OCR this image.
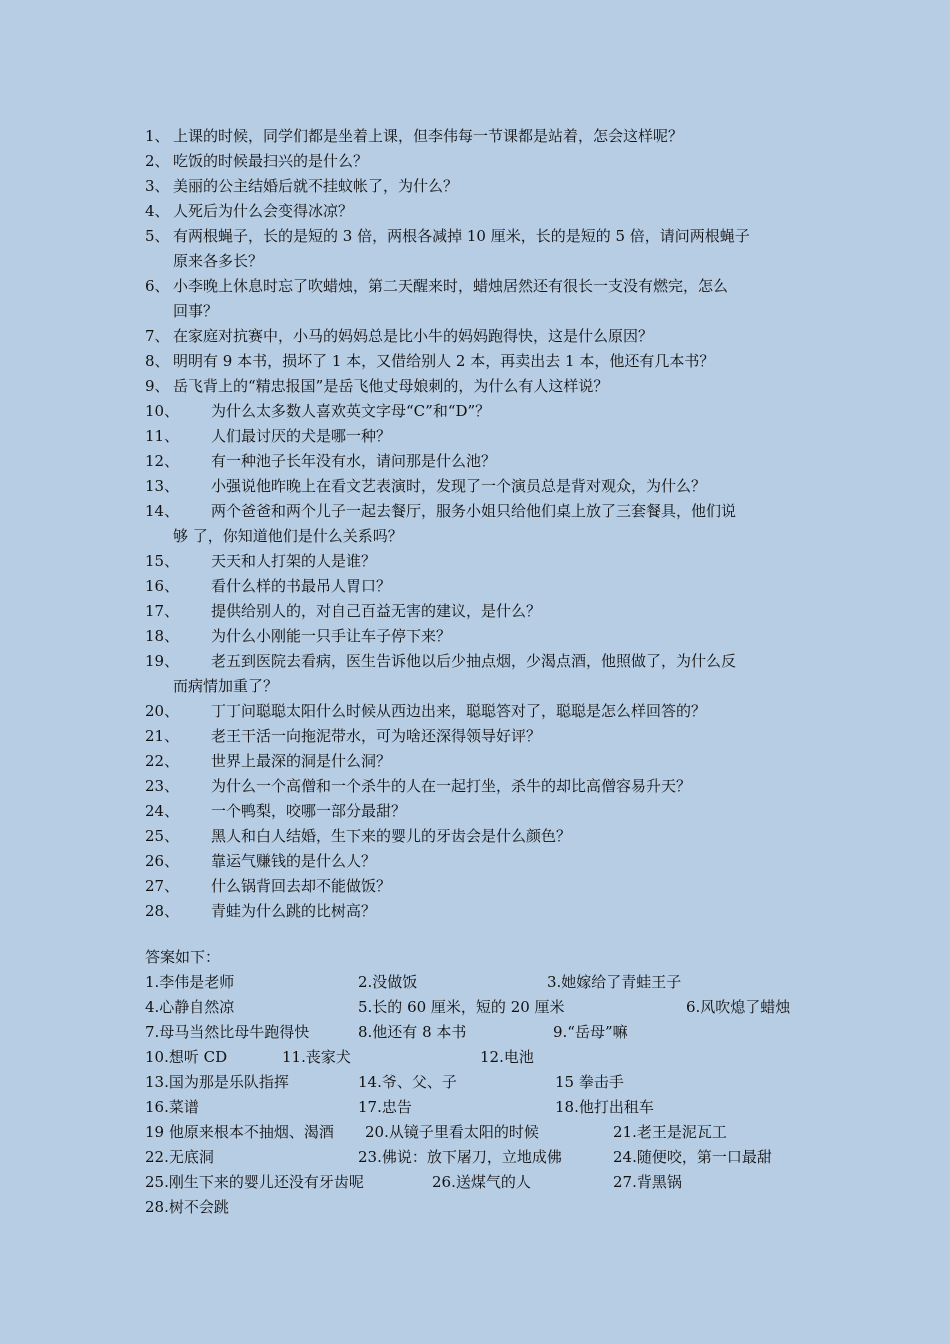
1、 上课的时候，同学们都是坐着上课，但李伟每一节课都是站着，怎会这样呢？
2、 吃饭的时候最扫兴的是什么？
3、 美丽的公主结婚后就不挂蚊帐了，为什么？
4、 人死后为什么会变得冰凉？
5、 有两根蝇子，长的是短的 3 倍，两根各减掉 10 厘米，长的是短的 5 倍，请问两根蝇子
原来各多长？
6、 小李晚上休息时忘了吹蜡烛，第二天醒来时，蜡烛居然还有很长一支没有燃完，怎么
回事？
7、 在家庭对抗赛中，小马的妈妈总是比小牛的妈妈跑得快，这是什么原因？
8、 明明有 9 本书，损坏了 1 本，又借给别人 2 本，再卖出去 1 本，他还有几本书？
9、 岳飞背上的“精忠报国”是岳飞他丈母娘刺的，为什么有人这样说？
10、 为什么太多数人喜欢英文字母“C”和“D”？
11、 人们最讨厌的犬是哪一种？
12、 有一种池子长年没有水，请问那是什么池？
13、 小强说他昨晚上在看文艺表演时，发现了一个演员总是背对观众，为什么？
14、 两个爸爸和两个儿子一起去餐厅，服务小姐只给他们桌上放了三套餐具，他们说
够 了，你知道他们是什么关系吗？
15、 天天和人打架的人是谁？
16、 看什么样的书最吊人胃口？
17、 提供给别人的，对自己百益无害的建议，是什么？
18、 为什么小刚能一只手让车子停下来？
19、 老五到医院去看病，医生告诉他以后少抽点烟，少渴点酒，他照做了，为什么反
而病情加重了？
20、 丁丁问聪聪太阳什么时候从西边出来，聪聪答对了，聪聪是怎么样回答的？
21、 老王干活一向拖泥带水，可为啥还深得领导好评？
22、 世界上最深的洞是什么洞？
23、 为什么一个高僧和一个杀牛的人在一起打坐，杀牛的却比高僧容易升天？
24、 一个鸭梨，咬哪一部分最甜？
25、 黑人和白人结婚，生下来的婴儿的牙齿会是什么颜色？
26、 靠运气赚钱的是什么人？
27、 什么锅背回去却不能做饭？
28、 青蛙为什么跳的比树高？
答案如下：
1.李伟是老师	2.没做饭	3.她嫁给了青蛙王子
4.心静自然凉	5.长的 60 厘米，短的 20 厘米	6.风吹熄了蜡烛
7.母马当然比母牛跑得快	8.他还有 8 本书	9.“岳母”嘛
10.想听 CD	11.丧家犬	12.电池
13.国为那是乐队指挥	14.爷、父、子	15 拳击手
16.菜谱	17.忠告	18.他打出租车
19 他原来根本不抽烟、渴酒 20.从镜子里看太阳的时候	21.老王是泥瓦工
22.无底洞	23.佛说：放下屠刀，立地成佛	24.随便咬，第一口最甜
25.刚生下来的婴儿还没有牙齿呢	26.送煤气的人	27.背黑锅
28.树不会跳
